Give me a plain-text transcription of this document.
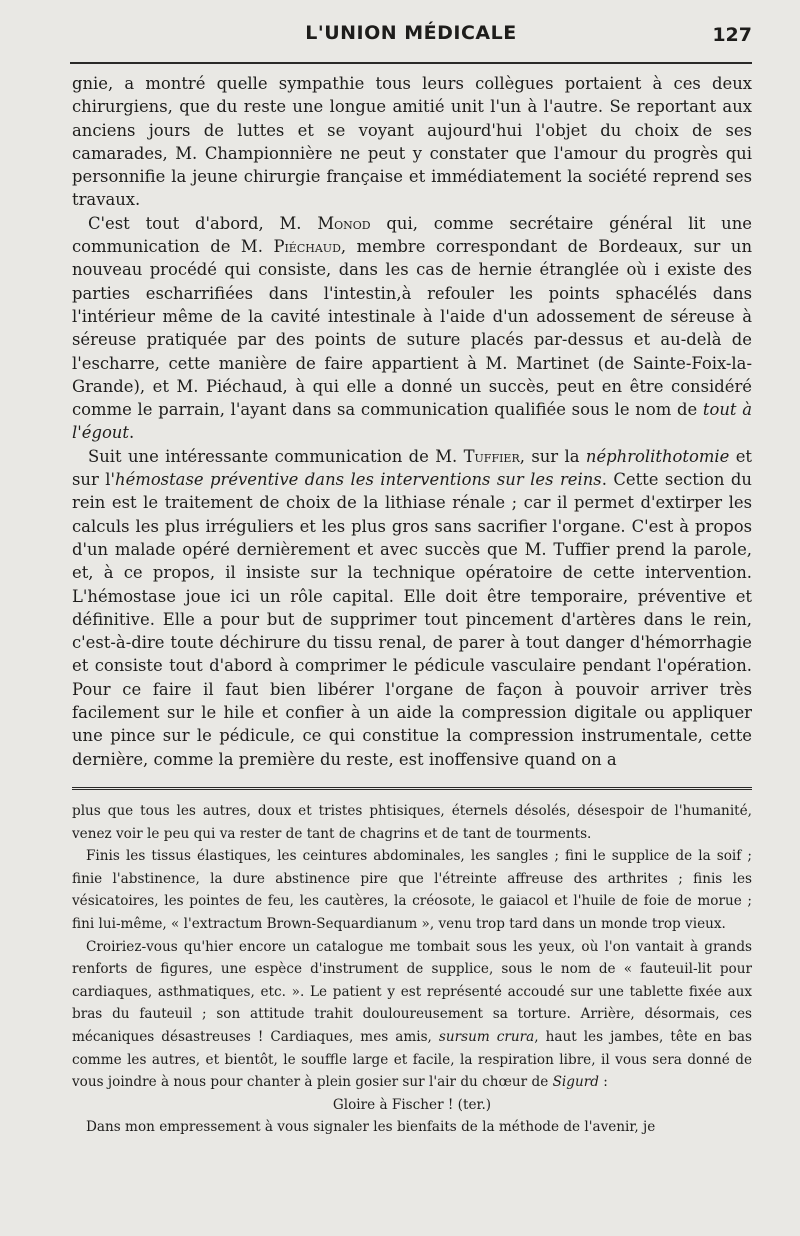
L'UNION MÉDICALE	127

gnie, a montré quelle sympathie tous leurs collègues portaient à ces deux chirurgiens, que du reste une longue amitié unit l'un à l'autre. Se reportant aux anciens jours de luttes et se voyant aujourd'hui l'objet du choix de ses camarades, M. Championnière ne peut y constater que l'amour du progrès qui personnifie la jeune chirurgie française et immédiatement la société reprend ses travaux.

C'est tout d'abord, M. Monod qui, comme secrétaire général lit une communication de M. Piéchaud, membre correspondant de Bordeaux, sur un nouveau procédé qui consiste, dans les cas de hernie étranglée où i existe des parties escharrifiées dans l'intestin,à refouler les points sphacélés dans l'intérieur même de la cavité intestinale à l'aide d'un adossement de séreuse à séreuse pratiquée par des points de suture placés par-dessus et au-delà de l'escharre, cette manière de faire appartient à M. Martinet (de Sainte-Foix-la-Grande), et M. Piéchaud, à qui elle a donné un succès, peut en être considéré comme le parrain, l'ayant dans sa communication qualifiée sous le nom de tout à l'égout.

Suit une intéressante communication de M. Tuffier, sur la néphrolithotomie et sur l'hémostase préventive dans les interventions sur les reins. Cette section du rein est le traitement de choix de la lithiase rénale ; car il permet d'extirper les calculs les plus irréguliers et les plus gros sans sacrifier l'organe. C'est à propos d'un malade opéré dernièrement et avec succès que M. Tuffier prend la parole, et, à ce propos, il insiste sur la technique opératoire de cette intervention. L'hémostase joue ici un rôle capital. Elle doit être temporaire, préventive et définitive. Elle a pour but de supprimer tout pincement d'artères dans le rein, c'est-à-dire toute déchirure du tissu renal, de parer à tout danger d'hémorrhagie et consiste tout d'abord à comprimer le pédicule vasculaire pendant l'opération. Pour ce faire il faut bien libérer l'organe de façon à pouvoir arriver très facilement sur le hile et confier à un aide la compression digitale ou appliquer une pince sur le pédicule, ce qui constitue la compression instrumentale, cette dernière, comme la première du reste, est inoffensive quand on a

plus que tous les autres, doux et tristes phtisiques, éternels désolés, désespoir de l'humanité, venez voir le peu qui va rester de tant de chagrins et de tant de tourments.

Finis les tissus élastiques, les ceintures abdominales, les sangles ; fini le supplice de la soif ; finie l'abstinence, la dure abstinence pire que l'étreinte affreuse des arthrites ; finis les vésicatoires, les pointes de feu, les cautères, la créosote, le gaiacol et l'huile de foie de morue ; fini lui-même, « l'extractum Brown-Sequardianum », venu trop tard dans un monde trop vieux.

Croiriez-vous qu'hier encore un catalogue me tombait sous les yeux, où l'on vantait à grands renforts de figures, une espèce d'instrument de supplice, sous le nom de « fauteuil-lit pour cardiaques, asthmatiques, etc. ». Le patient y est représenté accoudé sur une tablette fixée aux bras du fauteuil ; son attitude trahit douloureusement sa torture. Arrière, désormais, ces mécaniques désastreuses ! Cardiaques, mes amis, sursum crura, haut les jambes, tête en bas comme les autres, et bientôt, le souffle large et facile, la respiration libre, il vous sera donné de vous joindre à nous pour chanter à plein gosier sur l'air du chœur de Sigurd :

Gloire à Fischer ! (ter.)

Dans mon empressement à vous signaler les bienfaits de la méthode de l'avenir, je
